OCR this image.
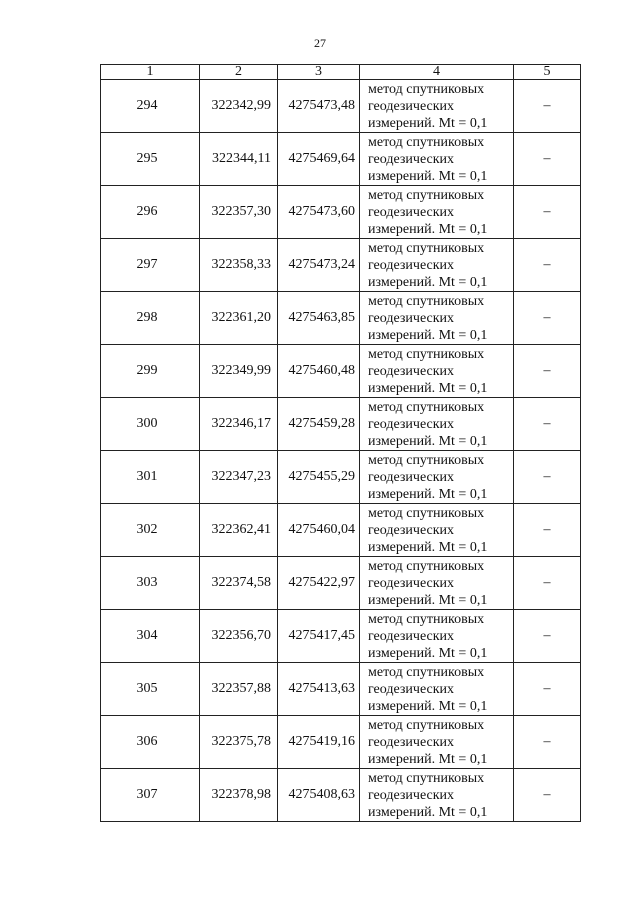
27
1	2	3	4	5
294	322342,99	4275473,48	метод спутниковых
геодезических
измерений. Mt = 0,1	–
295	322344,11	4275469,64	метод спутниковых
геодезических
измерений. Mt = 0,1	–
296	322357,30	4275473,60	метод спутниковых
геодезических
измерений. Mt = 0,1	–
297	322358,33	4275473,24	метод спутниковых
геодезических
измерений. Mt = 0,1	–
298	322361,20	4275463,85	метод спутниковых
геодезических
измерений. Mt = 0,1	–
299	322349,99	4275460,48	метод спутниковых
геодезических
измерений. Mt = 0,1	–
300	322346,17	4275459,28	метод спутниковых
геодезических
измерений. Mt = 0,1	–
301	322347,23	4275455,29	метод спутниковых
геодезических
измерений. Mt = 0,1	–
302	322362,41	4275460,04	метод спутниковых
геодезических
измерений. Mt = 0,1	–
303	322374,58	4275422,97	метод спутниковых
геодезических
измерений. Mt = 0,1	–
304	322356,70	4275417,45	метод спутниковых
геодезических
измерений. Mt = 0,1	–
305	322357,88	4275413,63	метод спутниковых
геодезических
измерений. Mt = 0,1	–
306	322375,78	4275419,16	метод спутниковых
геодезических
измерений. Mt = 0,1	–
307	322378,98	4275408,63	метод спутниковых
геодезических
измерений. Mt = 0,1	–
